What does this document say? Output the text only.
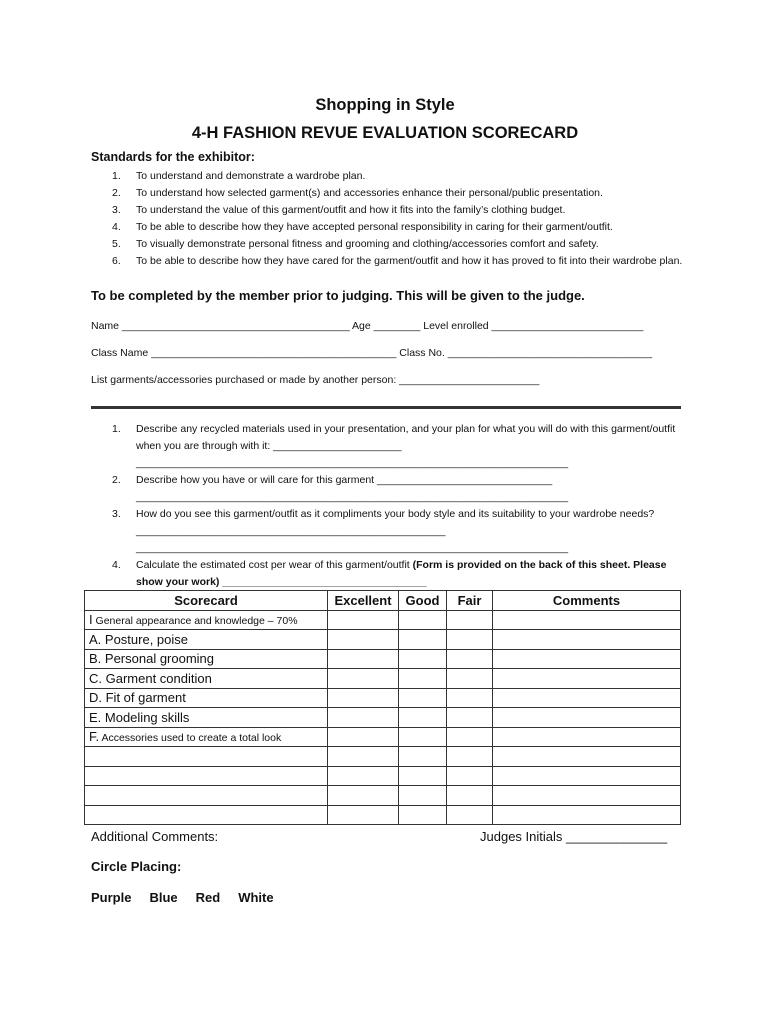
Shopping in Style
4-H FASHION REVUE EVALUATION SCORECARD
Standards for the exhibitor:
1. To understand and demonstrate a wardrobe plan.
2. To understand how selected garment(s) and accessories enhance their personal/public presentation.
3. To understand the value of this garment/outfit and how it fits into the family’s clothing budget.
4. To be able to describe how they have accepted personal responsibility in caring for their garment/outfit.
5. To visually demonstrate personal fitness and grooming and clothing/accessories comfort and safety.
6. To be able to describe how they have cared for the garment/outfit and how it has proved to fit into their wardrobe plan.
To be completed by the member prior to judging. This will be given to the judge.
Name _______________________________________ Age ________ Level enrolled __________________________
Class Name __________________________________________ Class No. ___________________________________
List garments/accessories purchased or made by another person: ________________________
1. Describe any recycled materials used in your presentation, and your plan for what you will do with this garment/outfit when you are through with it: ______________________
__________________________________________________________________________
2. Describe how you have or will care for this garment ______________________________
__________________________________________________________________________
3. How do you see this garment/outfit as it compliments your body style and its suitability to your wardrobe needs? _____________________________________________________
__________________________________________________________________________
4. Calculate the estimated cost per wear of this garment/outfit (Form is provided on the back of this sheet. Please show your work) ___________________________________
Scorecard	Excellent	Good	Fair	Comments
I General appearance and knowledge – 70%				
A. Posture, poise				
B. Personal grooming				
C. Garment condition				
D. Fit of garment				
E. Modeling skills				
F. Accessories used to create a total look				

Additional Comments:	Judges Initials ______________
Circle Placing:
Purple Blue Red White
